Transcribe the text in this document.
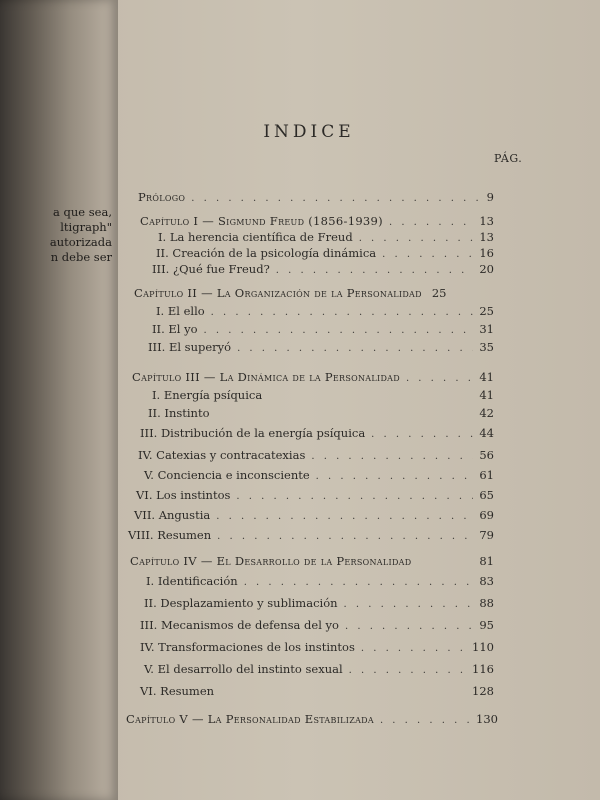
a que sea,
ltigraph"
autorizada
n debe ser
INDICE
PÁG.
Prólogo . . .	9
Capítulo I — Sigmund Freud (1856-1939) . . .	13
I. La herencia científica de Freud . . .	13
II. Creación de la psicología dinámica . . .	16
III. ¿Qué fue Freud? . . .	20
Capítulo II — La Organización de la Personalidad 25
I. El ello . . .	25
II. El yo . . .	31
III. El superyó . . .	35
Capítulo III — La Dinámica de la Personalidad . . .	41
I. Energía psíquica	41
II. Instinto	42
III. Distribución de la energía psíquica . . .	44
IV. Catexias y contracatexias . . .	56
V. Conciencia e inconsciente . . .	61
VI. Los instintos . . .	65
VII. Angustia . . .	69
VIII. Resumen . . .	79
Capítulo IV — El Desarrollo de la Personalidad	81
I. Identificación . . .	83
II. Desplazamiento y sublimación . . .	88
III. Mecanismos de defensa del yo . . .	95
IV. Transformaciones de los instintos . . .	110
V. El desarrollo del instinto sexual . . .	116
VI. Resumen	128
Capítulo V — La Personalidad Estabilizada . . .	130
